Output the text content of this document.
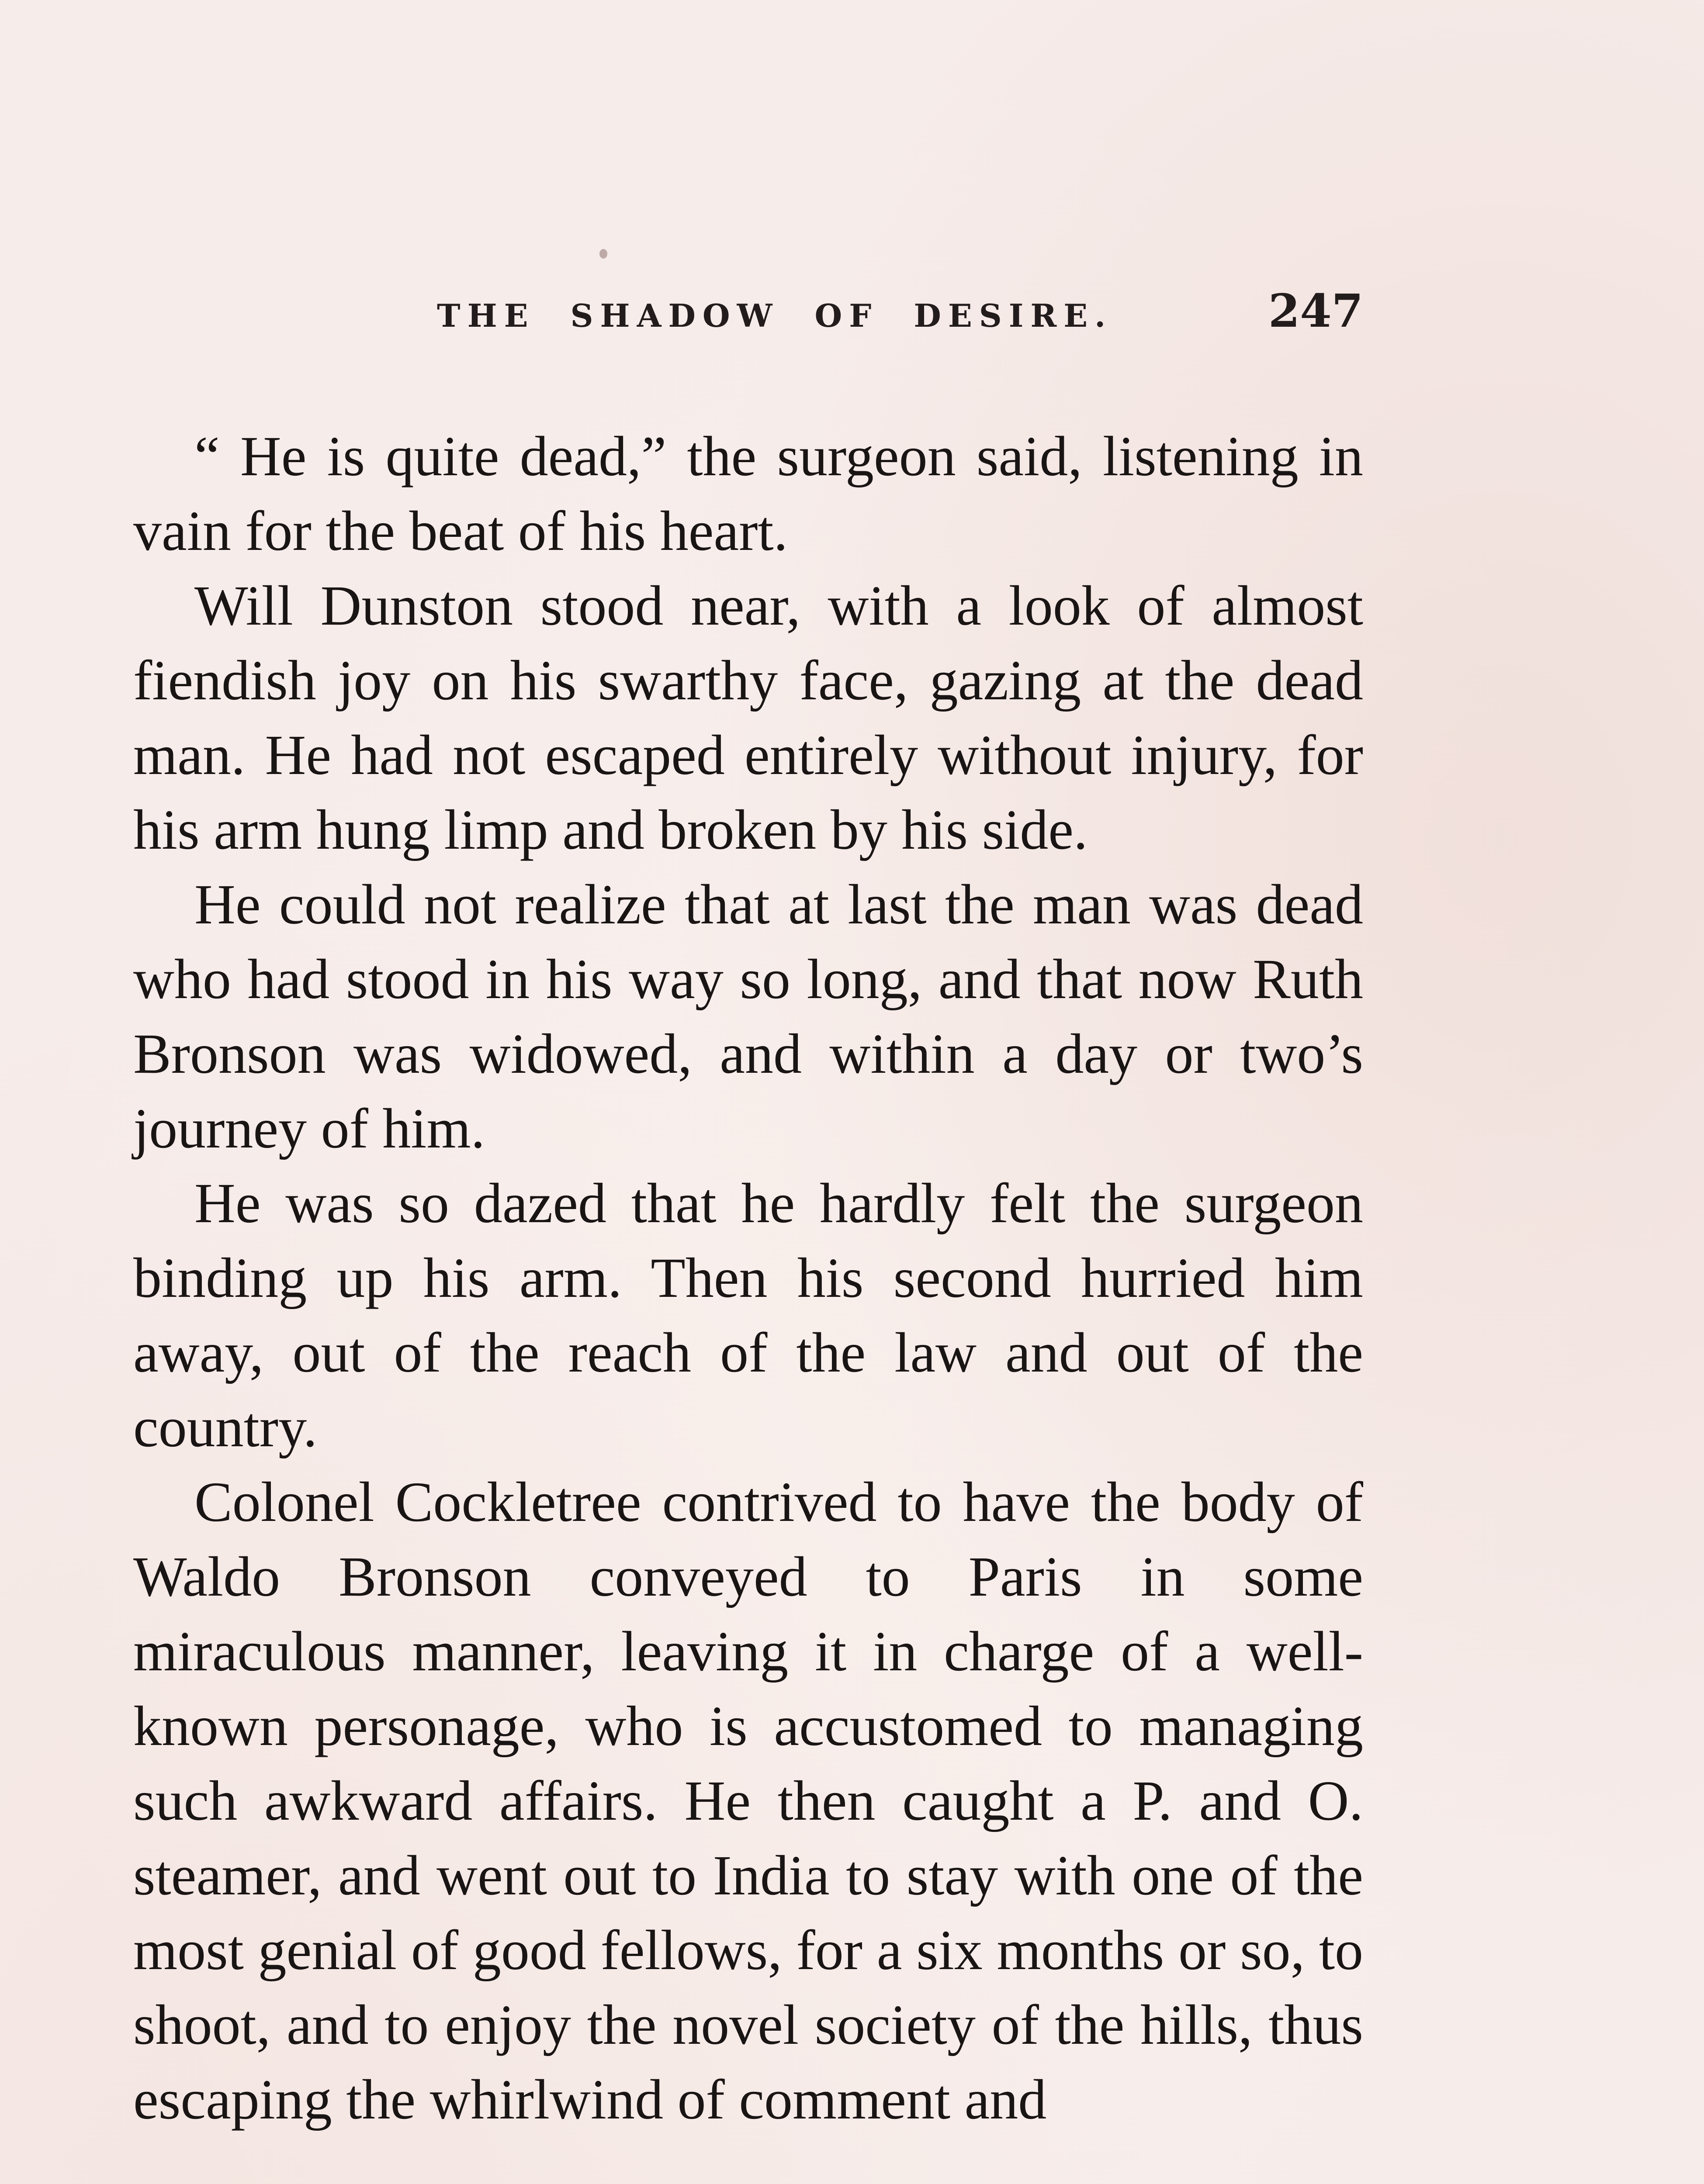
THE SHADOW OF DESIRE.	247

“ He is quite dead,” the surgeon said, listening in vain for the beat of his heart.

Will Dunston stood near, with a look of almost fiendish joy on his swarthy face, gazing at the dead man. He had not escaped entirely without injury, for his arm hung limp and broken by his side.

He could not realize that at last the man was dead who had stood in his way so long, and that now Ruth Bronson was widowed, and within a day or two’s journey of him.

He was so dazed that he hardly felt the surgeon binding up his arm. Then his second hurried him away, out of the reach of the law and out of the country.

Colonel Cockletree contrived to have the body of Waldo Bronson conveyed to Paris in some miraculous manner, leaving it in charge of a well-known personage, who is accustomed to managing such awkward affairs. He then caught a P. and O. steamer, and went out to India to stay with one of the most genial of good fellows, for a six months or so, to shoot, and to enjoy the novel society of the hills, thus escaping the whirlwind of comment and
